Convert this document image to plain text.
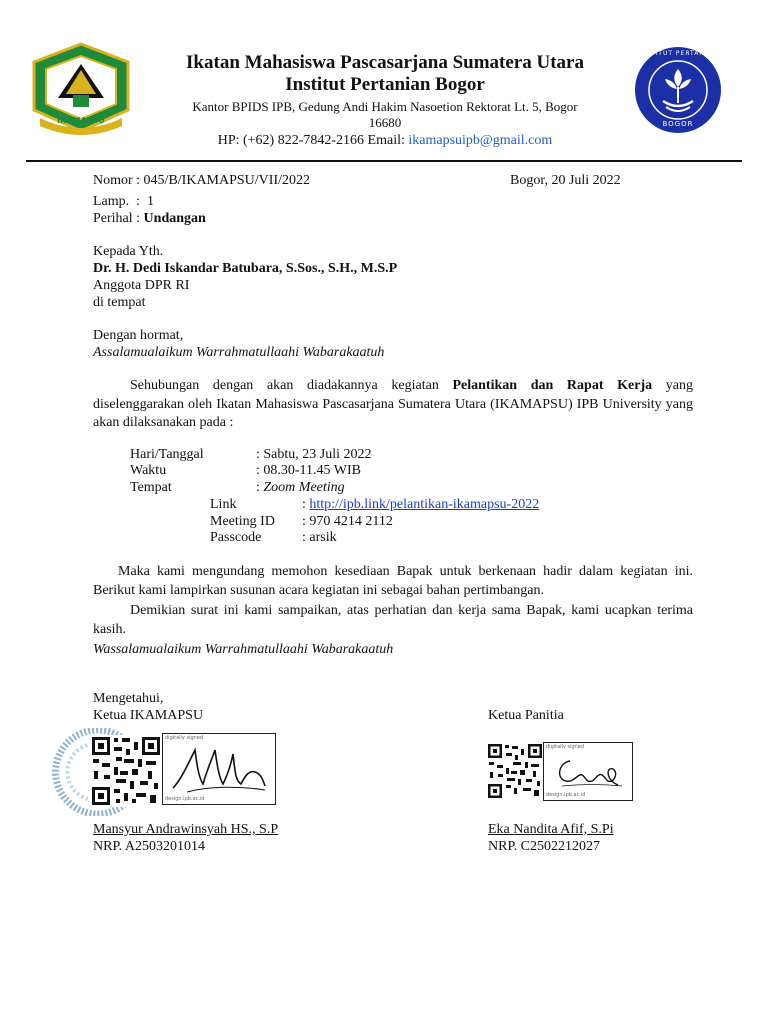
IKAMAPSU
INSTITUT PERTANIAN
BOGOR
Ikatan Mahasiswa Pascasarjana Sumatera Utara
Institut Pertanian Bogor
Kantor BPIDS IPB, Gedung Andi Hakim Nasoetion Rektorat Lt. 5, Bogor
16680
HP: (+62) 822-7842-2166 Email: ikamapsuipb@gmail.com
Nomor : 045/B/IKAMAPSU/VII/2022	Bogor, 20 Juli 2022
Lamp.  :  1
Perihal : Undangan
Kepada Yth.
Dr. H. Dedi Iskandar Batubara, S.Sos., S.H., M.S.P
Anggota DPR RI
di tempat
Dengan hormat,
Assalamualaikum Warrahmatullaahi Wabarakaatuh
Sehubungan dengan akan diadakannya kegiatan Pelantikan dan Rapat Kerja yang diselenggarakan oleh Ikatan Mahasiswa Pascasarjana Sumatera Utara (IKAMAPSU) IPB University yang akan dilaksanakan pada :
Hari/Tanggal	: Sabtu, 23 Juli 2022
Waktu	: 08.30-11.45 WIB
Tempat	: Zoom Meeting
Link	: http://ipb.link/pelantikan-ikamapsu-2022
Meeting ID : 970 4214 2112
Passcode	: arsik
Maka kami mengundang memohon kesediaan Bapak untuk berkenaan hadir dalam kegiatan ini. Berikut kami lampirkan susunan acara kegiatan ini sebagai bahan pertimbangan.
Demikian surat ini kami sampaikan, atas perhatian dan kerja sama Bapak, kami ucapkan terima kasih.
Wassalamualaikum Warrahmatullaahi Wabarakaatuh
Mengetahui,
Ketua IKAMAPSU	Ketua Panitia
digitally signed
design.ipb.ac.id
digitally signed
design.ipb.ac.id
Mansyur Andrawinsyah HS., S.P
NRP. A2503201014
Eka Nandita Afif, S.Pi
NRP. C2502212027
